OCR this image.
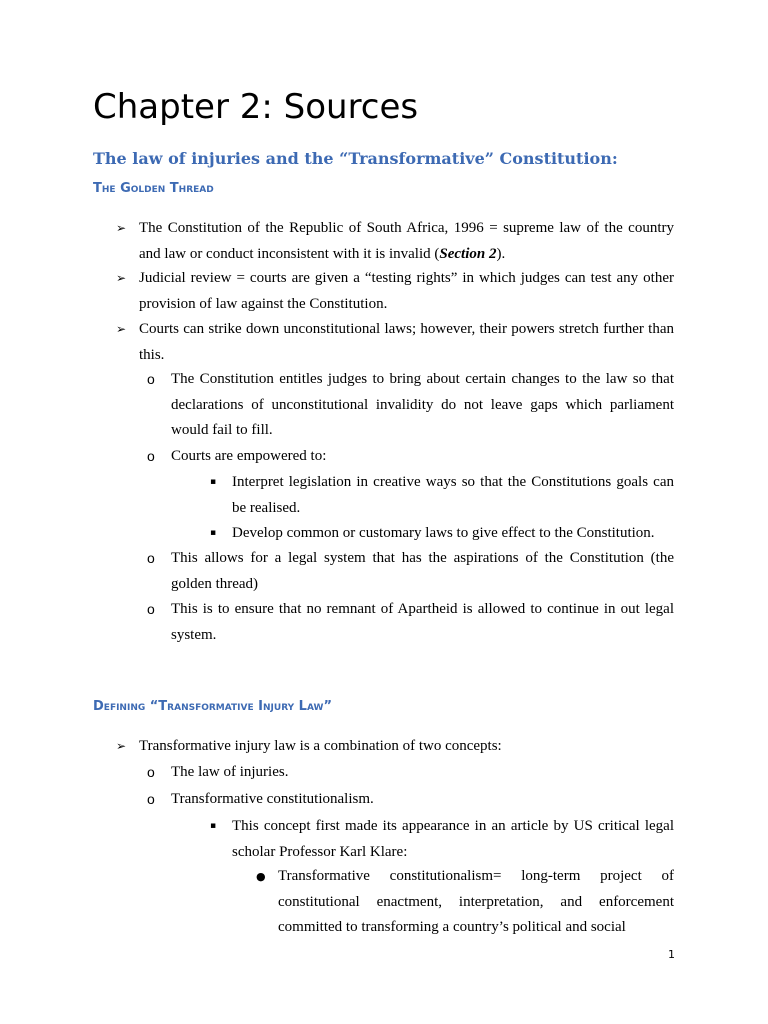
Chapter 2: Sources
The law of injuries and the “Transformative” Constitution:
The Golden Thread
➢ The Constitution of the Republic of South Africa, 1996 = supreme law of the country and law or conduct inconsistent with it is invalid (Section 2).

➢ Judicial review = courts are given a “testing rights” in which judges can test any other provision of law against the Constitution.

➢ Courts can strike down unconstitutional laws; however, their powers stretch further than this.

o The Constitution entitles judges to bring about certain changes to the law so that declarations of unconstitutional invalidity do not leave gaps which parliament would fail to fill.

o Courts are empowered to:

▪ Interpret legislation in creative ways so that the Constitutions goals can be realised.

▪ Develop common or customary laws to give effect to the Constitution.

o This allows for a legal system that has the aspirations of the Constitution (the golden thread)

o This is to ensure that no remnant of Apartheid is allowed to continue in out legal system.

Defining “Transformative Injury Law”
➢ Transformative injury law is a combination of two concepts:

o The law of injuries.

o Transformative constitutionalism.

▪ This concept first made its appearance in an article by US critical legal scholar Professor Karl Klare:

● Transformative constitutionalism= long-term project of constitutional enactment, interpretation, and enforcement committed to transforming a country’s political and social

1
